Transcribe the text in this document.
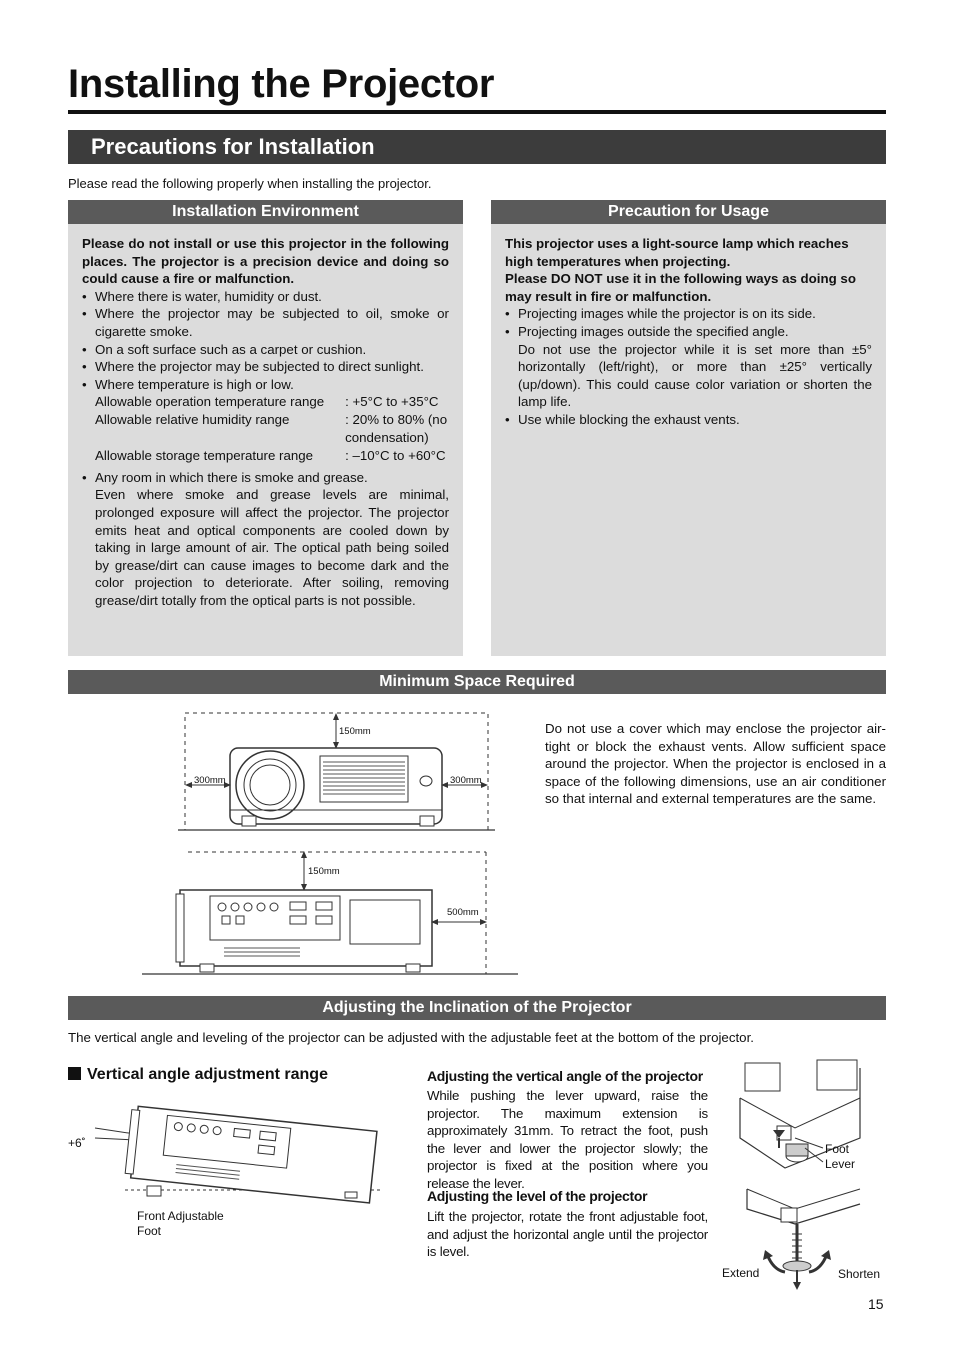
Installing the Projector
Precautions for Installation
Please read the following properly when installing the projector.
Installation Environment

Please do not install or use this projector in the following places. The projector is a precision device and doing so could cause a fire or malfunction.

• Where there is water, humidity or dust.
• Where the projector may be subjected to oil, smoke or cigarette smoke.
• On a soft surface such as a carpet or cushion.
• Where the projector may be subjected to direct sunlight.
• Where temperature is high or low.
Allowable operation temperature range	: +5°C to +35°C
Allowable relative humidity range	: 20% to 80% (no condensation)
Allowable storage temperature range	: –10°C to +60°C
• Any room in which there is smoke and grease.
Even where smoke and grease levels are minimal, prolonged exposure will affect the projector. The projector emits heat and optical components are cooled down by taking in large amount of air. The optical path being soiled by grease/dirt can cause images to become dark and the color projection to deteriorate. After soiling, removing grease/dirt totally from the optical parts is not possible.
Precaution for Usage

This projector uses a light-source lamp which reaches high temperatures when projecting.

Please DO NOT use it in the following ways as doing so may result in fire or malfunction.

• Projecting images while the projector is on its side.
• Projecting images outside the specified angle.
Do not use the projector while it is set more than ±5° horizontally (left/right), or more than ±25° vertically (up/down). This could cause color variation or shorten the lamp life.
• Use while blocking the exhaust vents.
Minimum Space Required
150mm
300mm	300mm
150mm
500mm
Do not use a cover which may enclose the projector air-tight or block the exhaust vents. Allow sufficient space around the projector. When the projector is enclosed in a space of the following dimensions, use an air conditioner so that internal and external temperatures are the same.
Adjusting the Inclination of the Projector
The vertical angle and leveling of the projector can be adjusted with the adjustable feet at the bottom of the projector.
Vertical angle adjustment range
+6˚
Front Adjustable
Foot
Adjusting the vertical angle of the projector
While pushing the lever upward, raise the projector. The maximum extension is approximately 31mm. To retract the foot, push the lever and lower the projector slowly; the projector is fixed at the position where you release the lever.
Adjusting the level of the projector
Lift the projector, rotate the front adjustable foot, and adjust the horizontal angle until the projector is level.
Foot
Lever
Extend	Shorten
15
